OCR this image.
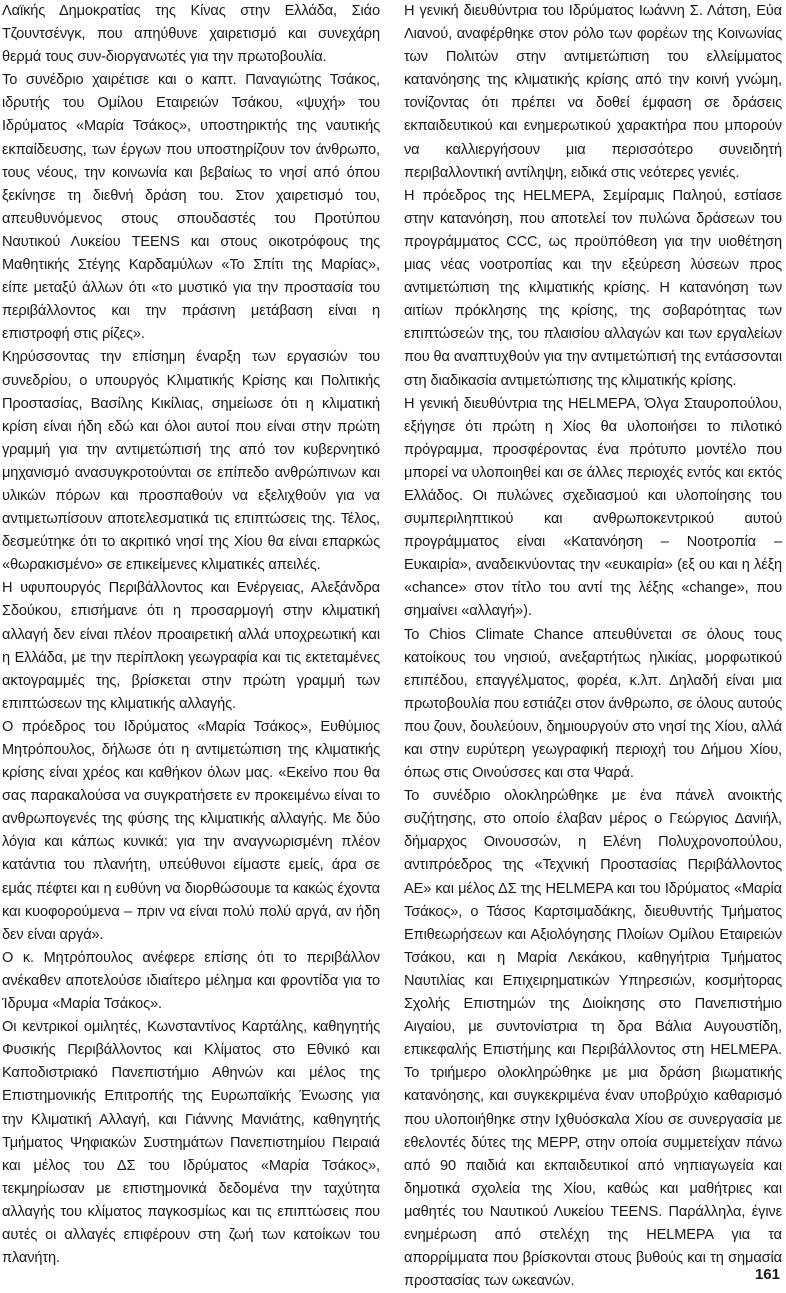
Λαϊκής Δημοκρατίας της Κίνας στην Ελλάδα, Σιάο Τζουντσένγκ, που απηύθυνε χαιρετισμό και συνεχάρη θερμά τους συν-διοργανωτές για την πρωτοβουλία.

Το συνέδριο χαιρέτισε και ο καπτ. Παναγιώτης Τσάκος, ιδρυτής του Ομίλου Εταιρειών Τσάκου, «ψυχή» του Ιδρύματος «Μαρία Τσάκος», υποστηρικτής της ναυτικής εκπαίδευσης, των έργων που υποστηρίζουν τον άνθρωπο, τους νέους, την κοινωνία και βεβαίως το νησί από όπου ξεκίνησε τη διεθνή δράση του. Στον χαιρετισμό του, απευθυνόμενος στους σπουδαστές του Προτύπου Ναυτικού Λυκείου TEENS και στους οικοτρόφους της Μαθητικής Στέγης Καρδαμύλων «Το Σπίτι της Μαρίας», είπε μεταξύ άλλων ότι «το μυστικό για την προστασία του περιβάλλοντος και την πράσινη μετάβαση είναι η επιστροφή στις ρίζες».

Κηρύσσοντας την επίσημη έναρξη των εργασιών του συνεδρίου, ο υπουργός Κλιματικής Κρίσης και Πολιτικής Προστασίας, Βασίλης Κικίλιας, σημείωσε ότι η κλιματική κρίση είναι ήδη εδώ και όλοι αυτοί που είναι στην πρώτη γραμμή για την αντιμετώπισή της από τον κυβερνητικό μηχανισμό ανασυγκροτούνται σε επίπεδο ανθρώπινων και υλικών πόρων και προσπαθούν να εξελιχθούν για να αντιμετωπίσουν αποτελεσματικά τις επιπτώσεις της. Τέλος, δεσμεύτηκε ότι το ακριτικό νησί της Χίου θα είναι επαρκώς «θωρακισμένο» σε επικείμενες κλιματικές απειλές.

Η υφυπουργός Περιβάλλοντος και Ενέργειας, Αλεξάνδρα Σδούκου, επισήμανε ότι η προσαρμογή στην κλιματική αλλαγή δεν είναι πλέον προαιρετική αλλά υποχρεωτική και η Ελλάδα, με την περίπλοκη γεωγραφία και τις εκτεταμένες ακτογραμμές της, βρίσκεται στην πρώτη γραμμή των επιπτώσεων της κλιματικής αλλαγής.

Ο πρόεδρος του Ιδρύματος «Μαρία Τσάκος», Ευθύμιος Μητρόπουλος, δήλωσε ότι η αντιμετώπιση της κλιματικής κρίσης είναι χρέος και καθήκον όλων μας. «Εκείνο που θα σας παρακαλούσα να συγκρατήσετε εν προκειμένω είναι το ανθρωπογενές της φύσης της κλιματικής αλλαγής. Με δύο λόγια και κάπως κυνικά: για την αναγνωρισμένη πλέον κατάντια του πλανήτη, υπεύθυνοι είμαστε εμείς, άρα σε εμάς πέφτει και η ευθύνη να διορθώσουμε τα κακώς έχοντα και κυοφορούμενα – πριν να είναι πολύ πολύ αργά, αν ήδη δεν είναι αργά».

Ο κ. Μητρόπουλος ανέφερε επίσης ότι το περιβάλλον ανέκαθεν αποτελούσε ιδιαίτερο μέλημα και φροντίδα για το Ίδρυμα «Μαρία Τσάκος».

Οι κεντρικοί ομιλητές, Κωνσταντίνος Καρτάλης, καθηγητής Φυσικής Περιβάλλοντος και Κλίματος στο Εθνικό και Καποδιστριακό Πανεπιστήμιο Αθηνών και μέλος της Επιστημονικής Επιτροπής της Ευρωπαϊκής Ένωσης για την Κλιματική Αλλαγή, και Γιάννης Μανιάτης, καθηγητής Τμήματος Ψηφιακών Συστημάτων Πανεπιστημίου Πειραιά και μέλος του ΔΣ του Ιδρύματος «Μαρία Τσάκος», τεκμηρίωσαν με επιστημονικά δεδομένα την ταχύτητα αλλαγής του κλίματος παγκοσμίως και τις επιπτώσεις που αυτές οι αλλαγές επιφέρουν στη ζωή των κατοίκων του πλανήτη.

Η γενική διευθύντρια του Ιδρύματος Ιωάννη Σ. Λάτση, Εύα Λιανού, αναφέρθηκε στον ρόλο των φορέων της Κοινωνίας των Πολιτών στην αντιμετώπιση του ελλείμματος κατανόησης της κλιματικής κρίσης από την κοινή γνώμη, τονίζοντας ότι πρέπει να δοθεί έμφαση σε δράσεις εκπαιδευτικού και ενημερωτικού χαρακτήρα που μπορούν να καλλιεργήσουν μια περισσότερο συνειδητή περιβαλλοντική αντίληψη, ειδικά στις νεότερες γενιές.

Η πρόεδρος της HELMEPA, Σεμίραμις Παληού, εστίασε στην κατανόηση, που αποτελεί τον πυλώνα δράσεων του προγράμματος CCC, ως προϋπόθεση για την υιοθέτηση μιας νέας νοοτροπίας και την εξεύρεση λύσεων προς αντιμετώπιση της κλιματικής κρίσης. Η κατανόηση των αιτίων πρόκλησης της κρίσης, της σοβαρότητας των επιπτώσεών της, του πλαισίου αλλαγών και των εργαλείων που θα αναπτυχθούν για την αντιμετώπισή της εντάσσονται στη διαδικασία αντιμετώπισης της κλιματικής κρίσης.

Η γενική διευθύντρια της HELMEPA, Όλγα Σταυροπούλου, εξήγησε ότι πρώτη η Χίος θα υλοποιήσει το πιλοτικό πρόγραμμα, προσφέροντας ένα πρότυπο μοντέλο που μπορεί να υλοποιηθεί και σε άλλες περιοχές εντός και εκτός Ελλάδος. Οι πυλώνες σχεδιασμού και υλοποίησης του συμπεριληπτικού και ανθρωποκεντρικού αυτού προγράμματος είναι «Κατανόηση – Νοοτροπία – Ευκαιρία», αναδεικνύοντας την «ευκαιρία» (εξ ου και η λέξη «chance» στον τίτλο του αντί της λέξης «change», που σημαίνει «αλλαγή»).

Το Chios Climate Chance απευθύνεται σε όλους τους κατοίκους του νησιού, ανεξαρτήτως ηλικίας, μορφωτικού επιπέδου, επαγγέλματος, φορέα, κ.λπ. Δηλαδή είναι μια πρωτοβουλία που εστιάζει στον άνθρωπο, σε όλους αυτούς που ζουν, δουλεύουν, δημιουργούν στο νησί της Χίου, αλλά και στην ευρύτερη γεωγραφική περιοχή του Δήμου Χίου, όπως στις Οινούσσες και στα Ψαρά.

Το συνέδριο ολοκληρώθηκε με ένα πάνελ ανοικτής συζήτησης, στο οποίο έλαβαν μέρος ο Γεώργιος Δανιήλ, δήμαρχος Οινουσσών, η Ελένη Πολυχρονοπούλου, αντιπρόεδρος της «Τεχνική Προστασίας Περιβάλλοντος ΑΕ» και μέλος ΔΣ της HELMEPA και του Ιδρύματος «Μαρία Τσάκος», ο Τάσος Καρτσιμαδάκης, διευθυντής Τμήματος Επιθεωρήσεων και Αξιολόγησης Πλοίων Ομίλου Εταιρειών Τσάκου, και η Μαρία Λεκάκου, καθηγήτρια Τμήματος Ναυτιλίας και Επιχειρηματικών Υπηρεσιών, κοσμήτορας Σχολής Επιστημών της Διοίκησης στο Πανεπιστήμιο Αιγαίου, με συντονίστρια τη δρα Βάλια Αυγουστίδη, επικεφαλής Επιστήμης και Περιβάλλοντος στη HELMEPA. Το τριήμερο ολοκληρώθηκε με μια δράση βιωματικής κατανόησης, και συγκεκριμένα έναν υποβρύχιο καθαρισμό που υλοποιήθηκε στην Ιχθυόσκαλα Χίου σε συνεργασία με εθελοντές δύτες της MEPP, στην οποία συμμετείχαν πάνω από 90 παιδιά και εκπαιδευτικοί από νηπιαγωγεία και δημοτικά σχολεία της Χίου, καθώς και μαθήτριες και μαθητές του Ναυτικού Λυκείου TEENS. Παράλληλα, έγινε ενημέρωση από στελέχη της HELMEPA για τα απορρίμματα που βρίσκονται στους βυθούς και τη σημασία προστασίας των ωκεανών.	161
